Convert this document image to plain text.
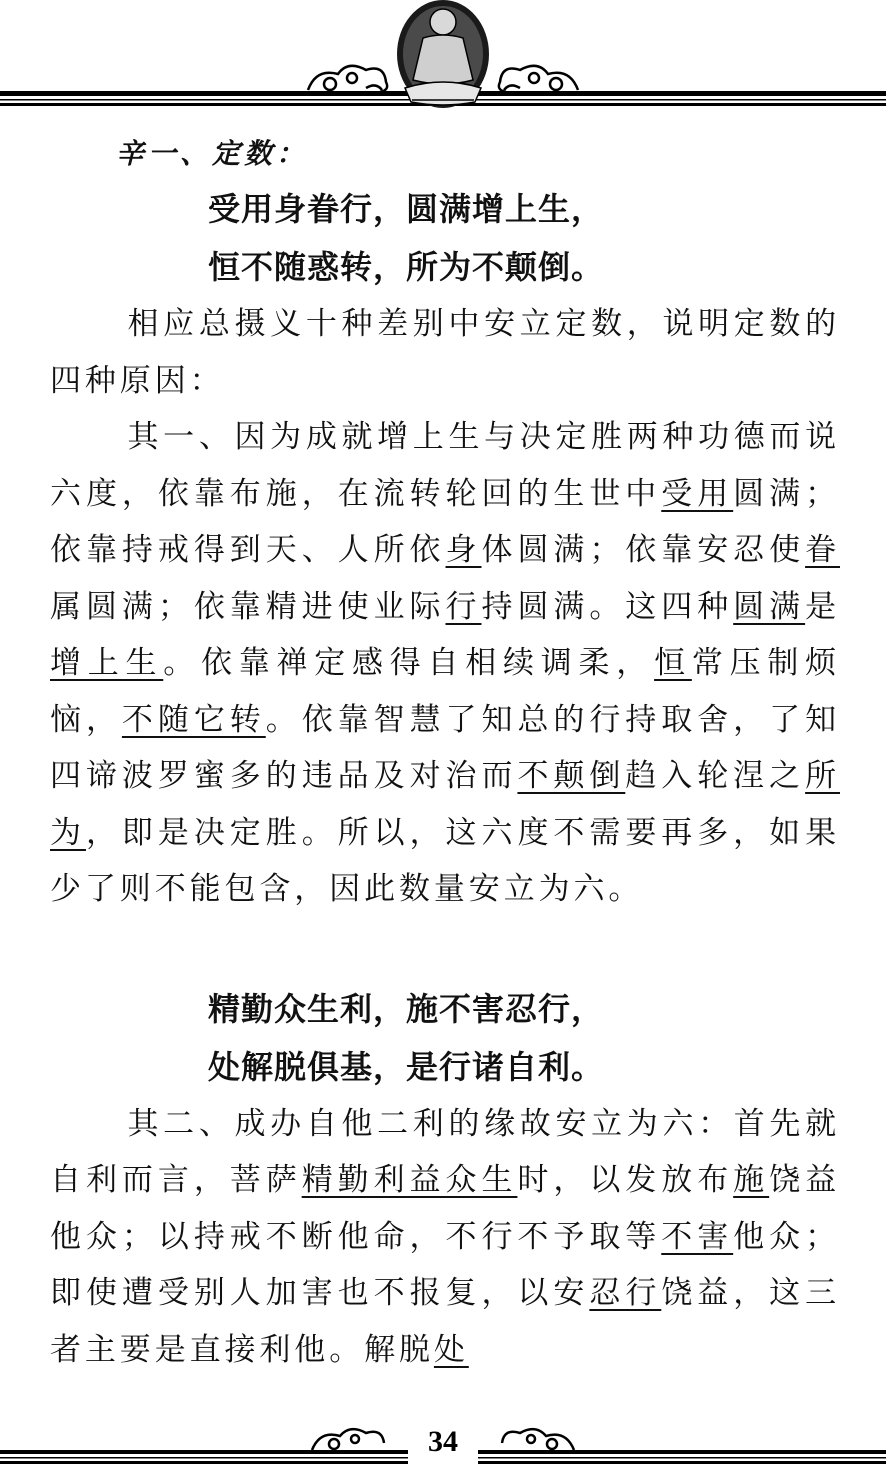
辛一、定数：
受用身眷行，圆满增上生，
恒不随惑转，所为不颠倒。

相应总摄义十种差别中安立定数，说明定数的四种原因：

其一、因为成就增上生与决定胜两种功德而说六度，依靠布施，在流转轮回的生世中受用圆满；依靠持戒得到天、人所依身体圆满；依靠安忍使眷属圆满；依靠精进使业际行持圆满。这四种圆满是增上生。依靠禅定感得自相续调柔，恒常压制烦恼，不随它转。依靠智慧了知总的行持取舍，了知四谛波罗蜜多的违品及对治而不颠倒趋入轮涅之所为，即是决定胜。所以，这六度不需要再多，如果少了则不能包含，因此数量安立为六。

精勤众生利，施不害忍行，
处解脱俱基，是行诸自利。

其二、成办自他二利的缘故安立为六：首先就自利而言，菩萨精勤利益众生时，以发放布施饶益他众；以持戒不断他命，不行不予取等不害他众；即使遭受别人加害也不报复，以安忍行饶益，这三者主要是直接利他。解脱处

34
